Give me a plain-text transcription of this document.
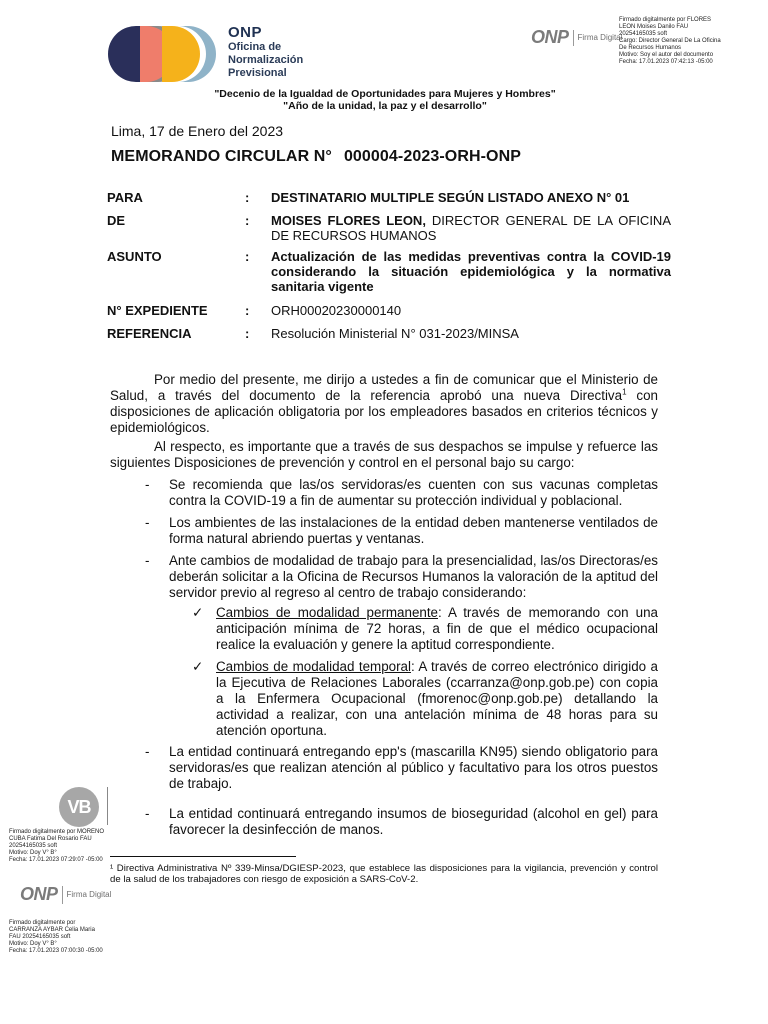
ONP
Oficina de
Normalización
Previsional
ONP Firma Digital
Firmado digitalmente por FLORES
LEON Moises Danilo FAU
20254165035 soft
Cargo: Director General De La Oficina
De Recursos Humanos
Motivo: Soy el autor del documento
Fecha: 17.01.2023 07:42:13 -05:00
"Decenio de la Igualdad de Oportunidades para Mujeres y Hombres"
"Año de la unidad, la paz y el desarrollo"
Lima, 17 de Enero del 2023
MEMORANDO CIRCULAR N° 000004-2023-ORH-ONP
PARA	:	DESTINATARIO MULTIPLE SEGÚN LISTADO ANEXO N° 01
DE	:	MOISES FLORES LEON, DIRECTOR GENERAL DE LA OFICINA DE RECURSOS HUMANOS
ASUNTO	:	Actualización de las medidas preventivas contra la COVID-19 considerando la situación epidemiológica y la normativa sanitaria vigente
N° EXPEDIENTE	:	ORH00020230000140
REFERENCIA	:	Resolución Ministerial N° 031-2023/MINSA
Por medio del presente, me dirijo a ustedes a fin de comunicar que el Ministerio de Salud, a través del documento de la referencia aprobó una nueva Directiva$^1$ con disposiciones de aplicación obligatoria por los empleadores basados en criterios técnicos y epidemiológicos.
Al respecto, es importante que a través de sus despachos se impulse y refuerce las siguientes Disposiciones de prevención y control en el personal bajo su cargo:
-	Se recomienda que las/os servidoras/es cuenten con sus vacunas completas contra la COVID-19 a fin de aumentar su protección individual y poblacional.
-	Los ambientes de las instalaciones de la entidad deben mantenerse ventilados de forma natural abriendo puertas y ventanas.
-	Ante cambios de modalidad de trabajo para la presencialidad, las/os Directoras/es deberán solicitar a la Oficina de Recursos Humanos la valoración de la aptitud del servidor previo al regreso al centro de trabajo considerando:
✓ Cambios de modalidad permanente: A través de memorando con una anticipación mínima de 72 horas, a fin de que el médico ocupacional realice la evaluación y genere la aptitud correspondiente.
✓ Cambios de modalidad temporal: A través de correo electrónico dirigido a la Ejecutiva de Relaciones Laborales (ccarranza@onp.gob.pe) con copia a la Enfermera Ocupacional (fmorenoc@onp.gob.pe) detallando la actividad a realizar, con una antelación mínima de 48 horas para su atención oportuna.
-	La entidad continuará entregando epp's (mascarilla KN95) siendo obligatorio para servidoras/es que realizan atención al público y facultativo para los otros puestos de trabajo.
-	La entidad continuará entregando insumos de bioseguridad (alcohol en gel) para favorecer la desinfección de manos.
VB
Firmado digitalmente por MORENO
CUBA Fatima Del Rosario FAU
20254165035 soft
Motivo: Doy V° B°
Fecha: 17.01.2023 07:29:07 -05:00
¹ Directiva Administrativa Nº 339-Minsa/DGIESP-2023, que establece las disposiciones para la vigilancia, prevención y control de la salud de los trabajadores con riesgo de exposición a SARS-CoV-2.
ONP Firma Digital
Firmado digitalmente por
CARRANZA AYBAR Celia Maria
FAU 20254165035 soft
Motivo: Doy V° B°
Fecha: 17.01.2023 07:00:30 -05:00
